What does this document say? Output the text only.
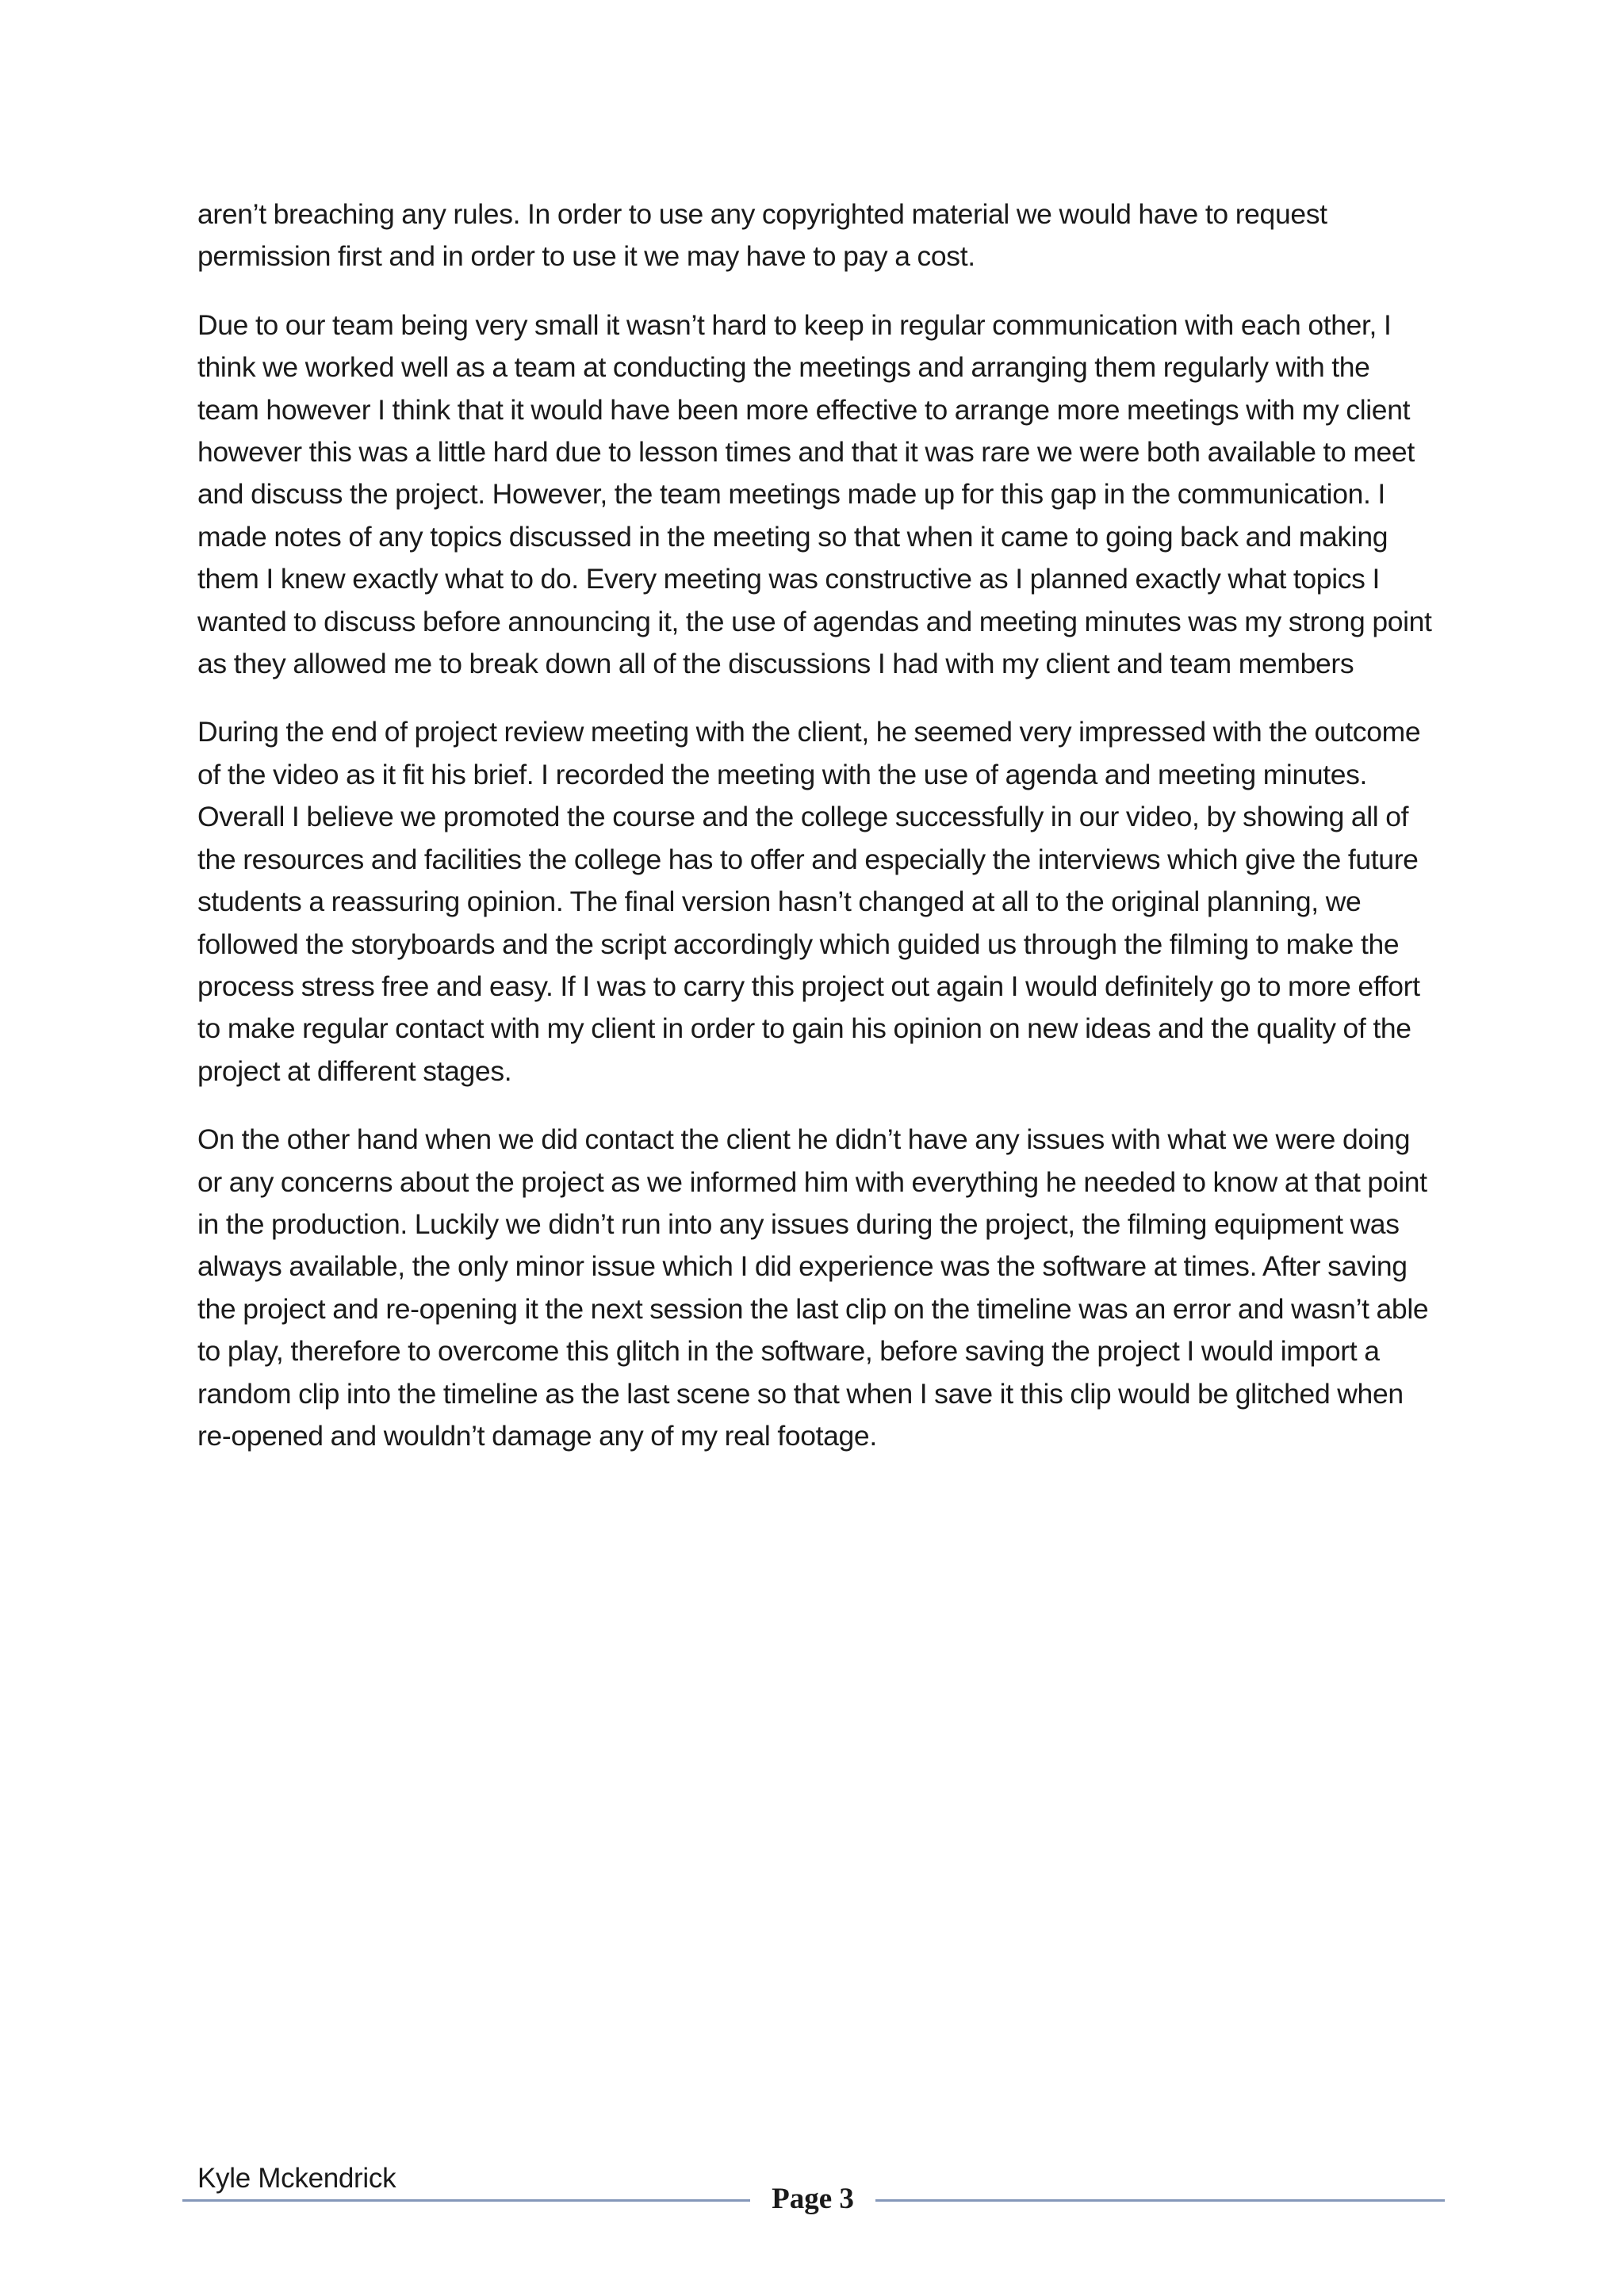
aren’t breaching any rules. In order to use any copyrighted material we would have to request permission first and in order to use it we may have to pay a cost.

Due to our team being very small it wasn’t hard to keep in regular communication with each other, I think we worked well as a team at conducting the meetings and arranging them regularly with the team however I think that it would have been more effective to arrange more meetings with my client however this was a little hard due to lesson times and that it was rare we were both available to meet and discuss the project. However, the team meetings made up for this gap in the communication. I made notes of any topics discussed in the meeting so that when it came to going back and making them I knew exactly what to do. Every meeting was constructive as I planned exactly what topics I wanted to discuss before announcing it, the use of agendas and meeting minutes was my strong point as they allowed me to break down all of the discussions I had with my client and team members

During the end of project review meeting with the client, he seemed very impressed with the outcome of the video as it fit his brief. I recorded the meeting with the use of agenda and meeting minutes. Overall I believe we promoted the course and the college successfully in our video, by showing all of the resources and facilities the college has to offer and especially the interviews which give the future students a reassuring opinion. The final version hasn’t changed at all to the original planning, we followed the storyboards and the script accordingly which guided us through the filming to make the process stress free and easy. If I was to carry this project out again I would definitely go to more effort to make regular contact with my client in order to gain his opinion on new ideas and the quality of the project at different stages.

On the other hand when we did contact the client he didn’t have any issues with what we were doing or any concerns about the project as we informed him with everything he needed to know at that point in the production. Luckily we didn’t run into any issues during the project, the filming equipment was always available, the only minor issue which I did experience was the software at times. After saving the project and re-opening it the next session the last clip on the timeline was an error and wasn’t able to play, therefore to overcome this glitch in the software, before saving the project I would import a random clip into the timeline as the last scene so that when I save it this clip would be glitched when re-opened and wouldn’t damage any of my real footage.

Kyle Mckendrick
Page 3
